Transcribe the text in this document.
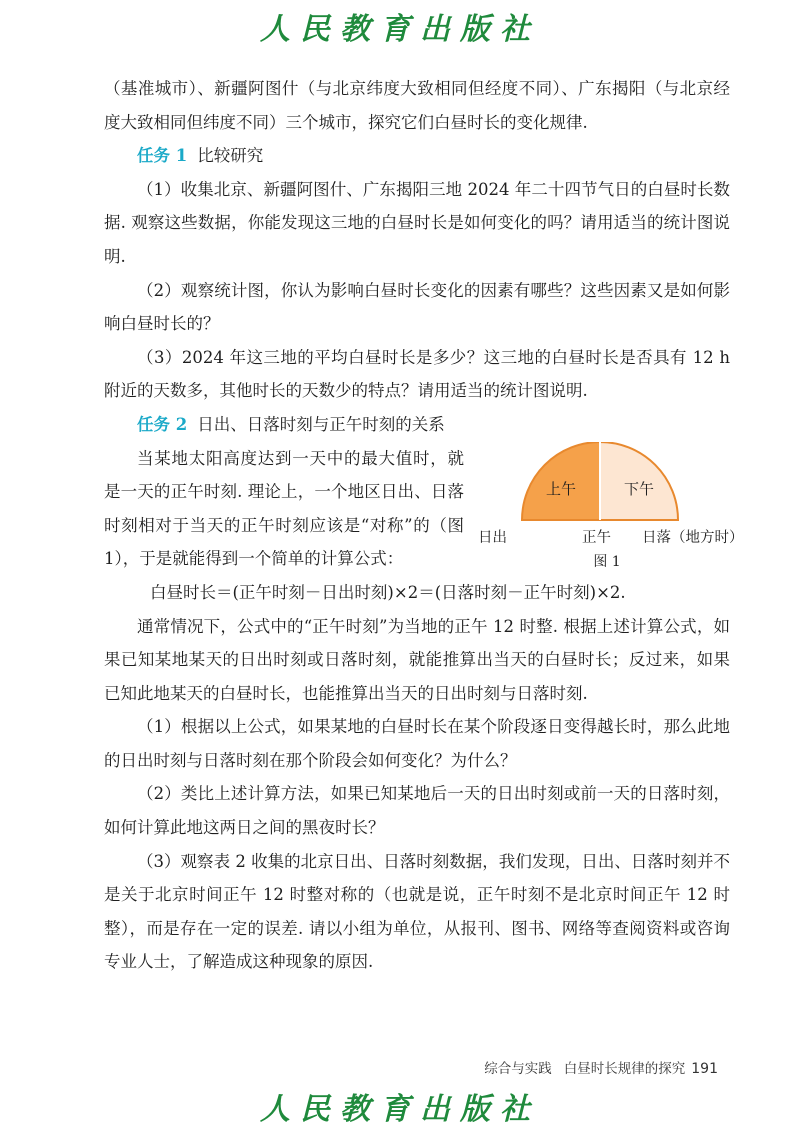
人民教育出版社

（基准城市）、新疆阿图什（与北京纬度大致相同但经度不同）、广东揭阳（与北京经度大致相同但纬度不同）三个城市，探究它们白昼时长的变化规律.

任务 1 比较研究

（1）收集北京、新疆阿图什、广东揭阳三地 2024 年二十四节气日的白昼时长数据. 观察这些数据，你能发现这三地的白昼时长是如何变化的吗？请用适当的统计图说明.

（2）观察统计图，你认为影响白昼时长变化的因素有哪些？这些因素又是如何影响白昼时长的？

（3）2024 年这三地的平均白昼时长是多少？这三地的白昼时长是否具有 12 h 附近的天数多，其他时长的天数少的特点？请用适当的统计图说明.

任务 2 日出、日落时刻与正午时刻的关系

当某地太阳高度达到一天中的最大值时，就是一天的正午时刻. 理论上，一个地区日出、日落时刻相对于当天的正午时刻应该是“对称”的（图 1），于是就能得到一个简单的计算公式：

上午	下午
日出	正午 日落（地方时）
图 1

白昼时长＝(正午时刻－日出时刻)×2＝(日落时刻－正午时刻)×2.

通常情况下，公式中的“正午时刻”为当地的正午 12 时整. 根据上述计算公式，如果已知某地某天的日出时刻或日落时刻，就能推算出当天的白昼时长；反过来，如果已知此地某天的白昼时长，也能推算出当天的日出时刻与日落时刻.

（1）根据以上公式，如果某地的白昼时长在某个阶段逐日变得越长时，那么此地的日出时刻与日落时刻在那个阶段会如何变化？为什么？

（2）类比上述计算方法，如果已知某地后一天的日出时刻或前一天的日落时刻，如何计算此地这两日之间的黑夜时长？

（3）观察表 2 收集的北京日出、日落时刻数据，我们发现，日出、日落时刻并不是关于北京时间正午 12 时整对称的（也就是说，正午时刻不是北京时间正午 12 时整），而是存在一定的误差. 请以小组为单位，从报刊、图书、网络等查阅资料或咨询专业人士，了解造成这种现象的原因.

综合与实践 白昼时长规律的探究 191
人民教育出版社
